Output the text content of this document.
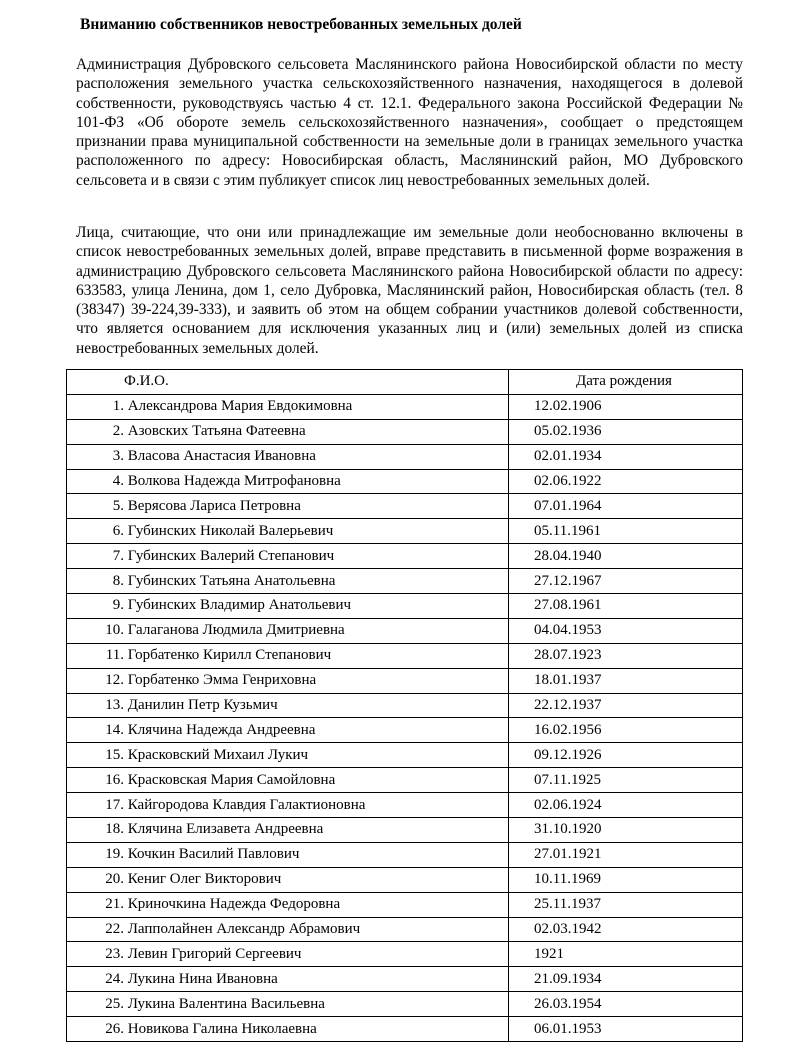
Вниманию собственников невостребованных земельных долей

Администрация Дубровского сельсовета Маслянинского района Новосибирской области по месту расположения земельного участка сельскохозяйственного назначения, находящегося в долевой собственности, руководствуясь частью 4 ст. 12.1. Федерального закона Российской Федерации № 101-ФЗ «Об обороте земель сельскохозяйственного назначения», сообщает о предстоящем признании права муниципальной собственности на земельные доли в границах земельного участка расположенного по адресу: Новосибирская область, Маслянинский район, МО Дубровского сельсовета и в связи с этим публикует список лиц невостребованных земельных долей.

Лица, считающие, что они или принадлежащие им земельные доли необоснованно включены в список невостребованных земельных долей, вправе представить в письменной форме возражения в администрацию Дубровского сельсовета Маслянинского района Новосибирской области по адресу: 633583, улица Ленина, дом 1, село Дубровка, Маслянинский район, Новосибирская область (тел. 8 (38347) 39-224,39-333), и заявить об этом на общем собрании участников долевой собственности, что является основанием для исключения указанных лиц и (или) земельных долей из списка невостребованных земельных долей.

Ф.И.О.	Дата рождения
1. Александрова Мария Евдокимовна	12.02.1906
2. Азовских Татьяна Фатеевна	05.02.1936
3. Власова Анастасия Ивановна	02.01.1934
4. Волкова Надежда Митрофановна	02.06.1922
5. Верясова Лариса Петровна	07.01.1964
6. Губинских Николай Валерьевич	05.11.1961
7. Губинских Валерий Степанович	28.04.1940
8. Губинских Татьяна Анатольевна	27.12.1967
9. Губинских Владимир Анатольевич	27.08.1961
10. Галаганова Людмила Дмитриевна	04.04.1953
11. Горбатенко Кирилл Степанович	28.07.1923
12. Горбатенко Эмма Генриховна	18.01.1937
13. Данилин Петр Кузьмич	22.12.1937
14. Клячина Надежда Андреевна	16.02.1956
15. Красковский Михаил Лукич	09.12.1926
16. Красковская Мария Самойловна	07.11.1925
17. Кайгородова Клавдия Галактионовна	02.06.1924
18. Клячина Елизавета Андреевна	31.10.1920
19. Кочкин Василий Павлович	27.01.1921
20. Кениг Олег Викторович	10.11.1969
21. Криночкина Надежда Федоровна	25.11.1937
22. Лапполайнен Александр Абрамович	02.03.1942
23. Левин Григорий Сергеевич	1921
24. Лукина Нина Ивановна	21.09.1934
25. Лукина Валентина Васильевна	26.03.1954
26. Новикова Галина Николаевна	06.01.1953
